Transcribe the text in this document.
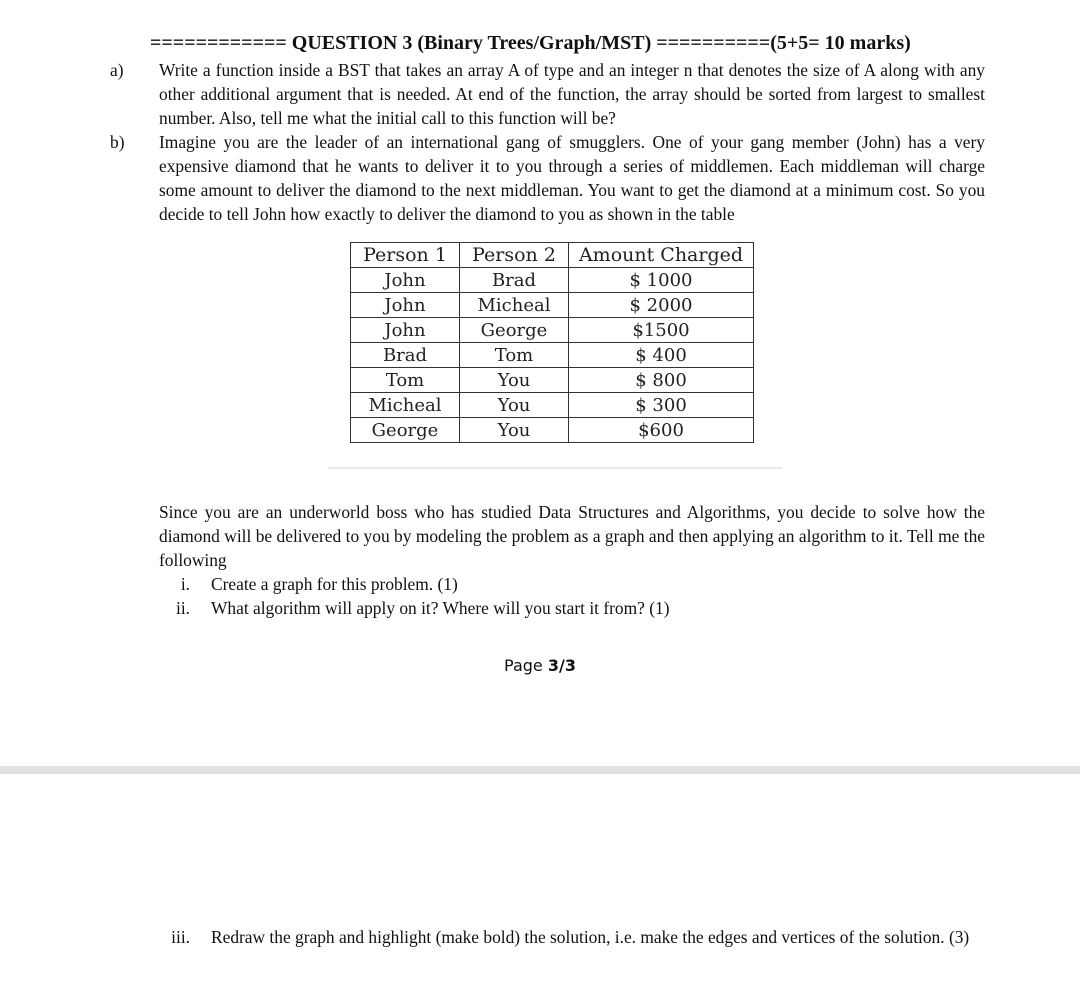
============ QUESTION 3 (Binary Trees/Graph/MST) ==========(5+5= 10 marks)
a) Write a function inside a BST that takes an array A of type and an integer n that denotes the size of A along with any other additional argument that is needed. At end of the function, the array should be sorted from largest to smallest number. Also, tell me what the initial call to this function will be?
b) Imagine you are the leader of an international gang of smugglers. One of your gang member (John) has a very expensive diamond that he wants to deliver it to you through a series of middlemen. Each middleman will charge some amount to deliver the diamond to the next middleman. You want to get the diamond at a minimum cost. So you decide to tell John how exactly to deliver the diamond to you as shown in the table
Person 1	Person 2	Amount Charged
John	Brad	$ 1000
John	Micheal	$ 2000
John	George	$1500
Brad	Tom	$ 400
Tom	You	$ 800
Micheal	You	$ 300
George	You	$600
Since you are an underworld boss who has studied Data Structures and Algorithms, you decide to solve how the diamond will be delivered to you by modeling the problem as a graph and then applying an algorithm to it. Tell me the following
i. Create a graph for this problem. (1)
ii. What algorithm will apply on it? Where will you start it from? (1)
Page 3/3
iii. Redraw the graph and highlight (make bold) the solution, i.e. make the edges and vertices of the solution. (3)
